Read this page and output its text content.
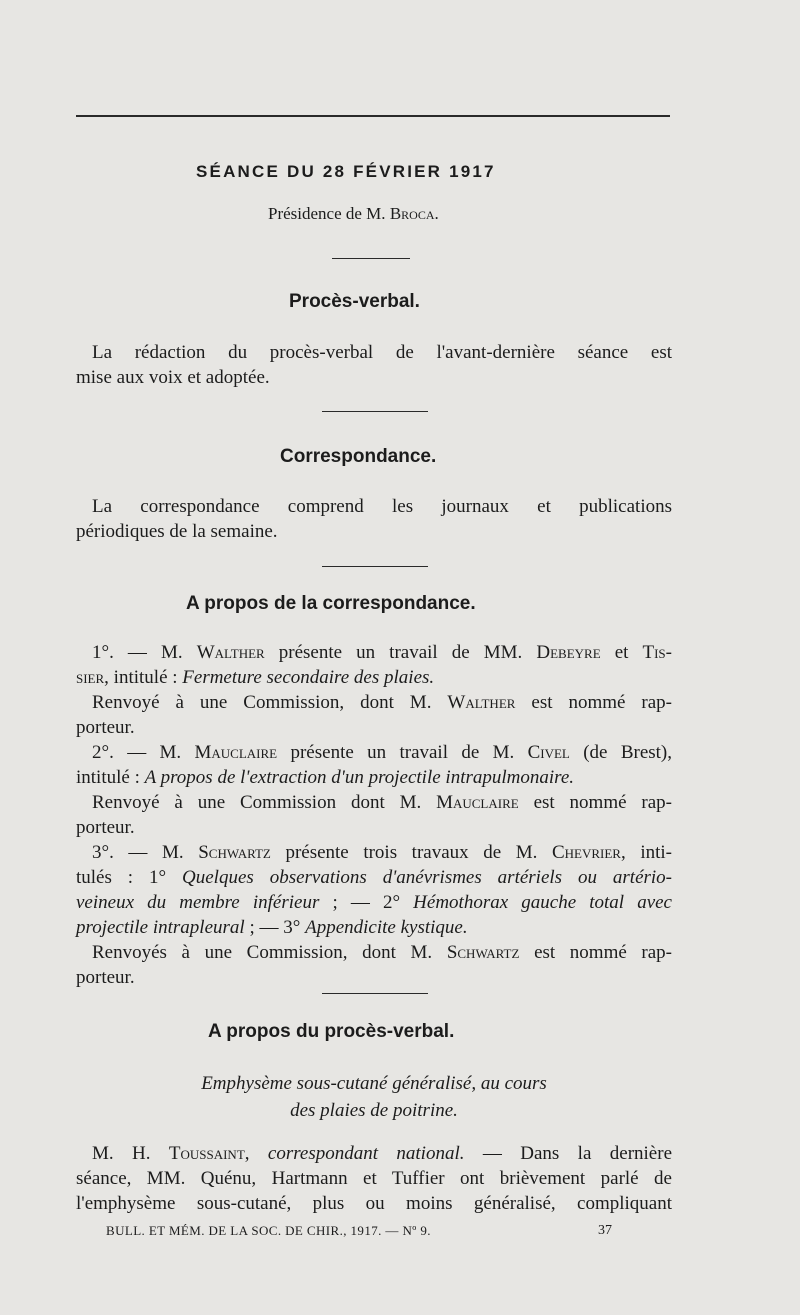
SÉANCE DU 28 FÉVRIER 1917
Présidence de M. Broca.
Procès-verbal.
La rédaction du procès-verbal de l'avant-dernière séance est
mise aux voix et adoptée.
Correspondance.
La correspondance comprend les journaux et publications
périodiques de la semaine.
A propos de la correspondance.
1°. — M. Walther présente un travail de MM. Debeyre et Tis-
sier, intitulé : Fermeture secondaire des plaies.
Renvoyé à une Commission, dont M. Walther est nommé rap-
porteur.
2°. — M. Mauclaire présente un travail de M. Civel (de Brest),
intitulé : A propos de l'extraction d'un projectile intrapulmonaire.
Renvoyé à une Commission dont M. Mauclaire est nommé rap-
porteur.
3°. — M. Schwartz présente trois travaux de M. Chevrier, inti-
tulés : 1° Quelques observations d'anévrismes artériels ou artério-
veineux du membre inférieur ; — 2° Hémothorax gauche total avec
projectile intrapleural ; — 3° Appendicite kystique.
Renvoyés à une Commission, dont M. Schwartz est nommé rap-
porteur.
A propos du procès-verbal.
Emphysème sous-cutané généralisé, au cours
des plaies de poitrine.
M. H. Toussaint, correspondant national. — Dans la dernière
séance, MM. Quénu, Hartmann et Tuffier ont brièvement parlé de
l'emphysème sous-cutané, plus ou moins généralisé, compliquant
BULL. ET MÉM. DE LA SOC. DE CHIR., 1917. — Nº 9.	37
